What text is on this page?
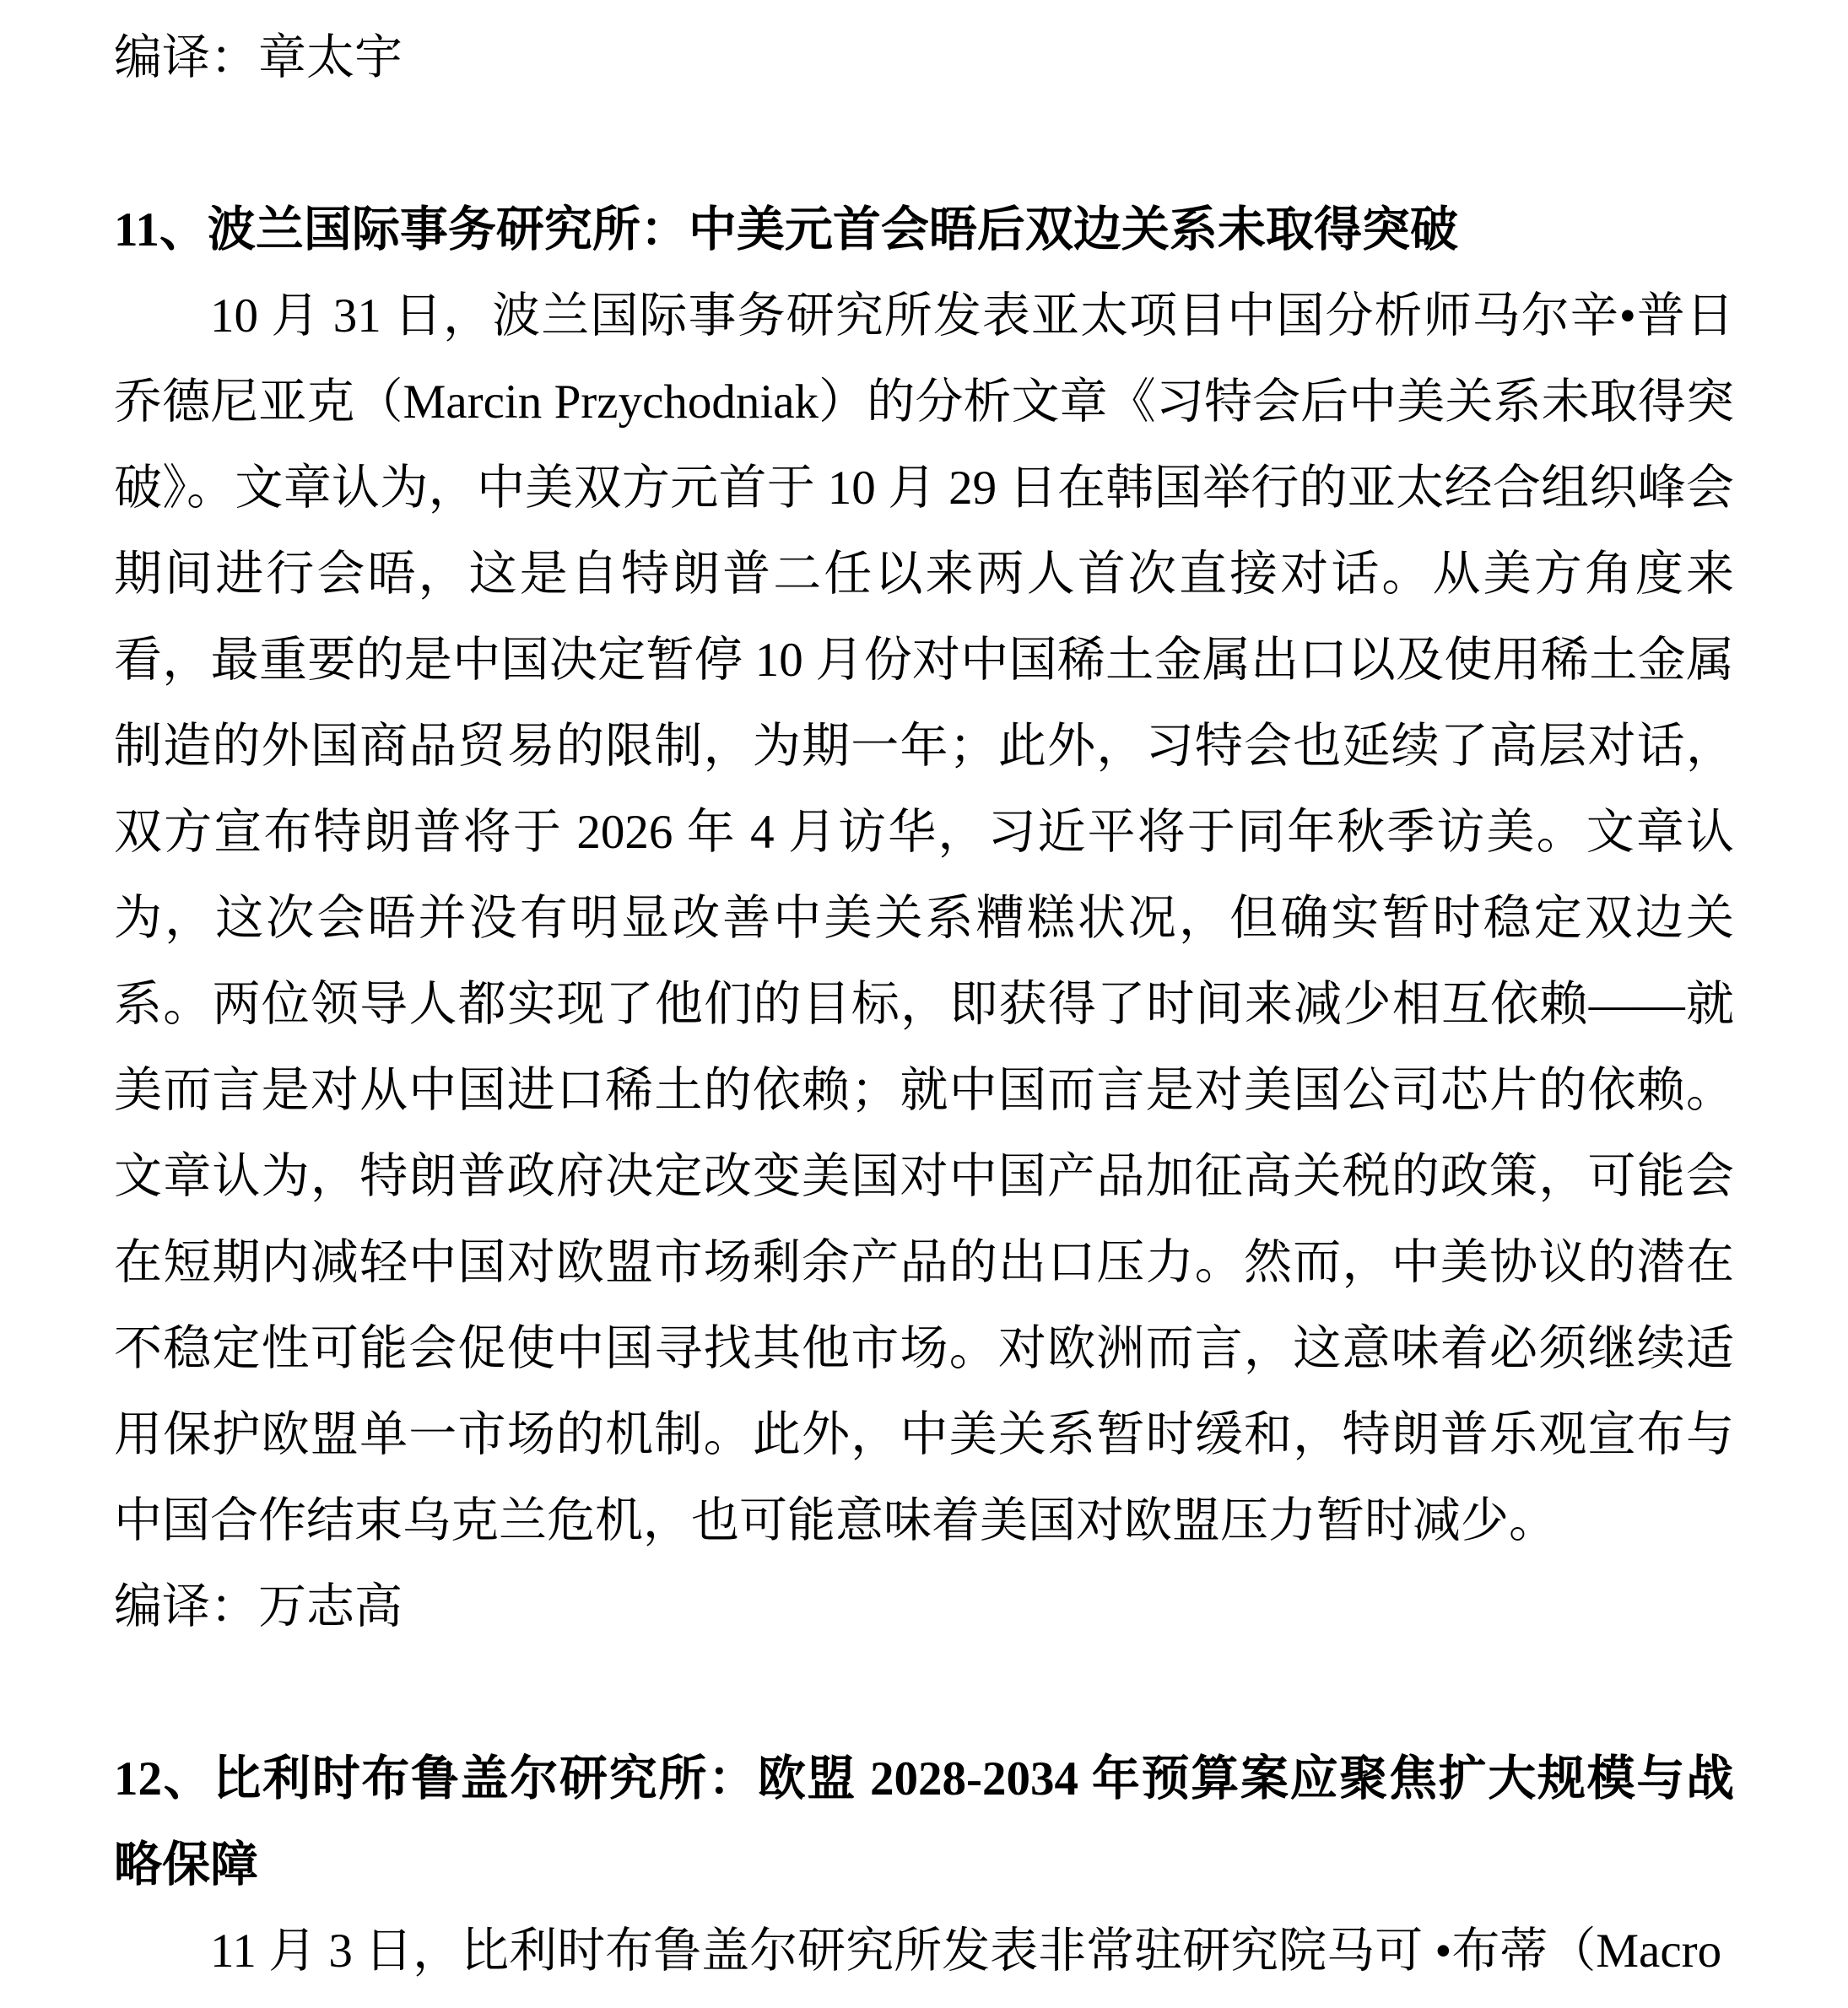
编译：章太宇

11、波兰国际事务研究所：中美元首会晤后双边关系未取得突破

10 月 31 日，波兰国际事务研究所发表亚太项目中国分析师马尔辛•普日乔德尼亚克（Marcin Przychodniak）的分析文章《习特会后中美关系未取得突破》。文章认为，中美双方元首于 10 月 29 日在韩国举行的亚太经合组织峰会期间进行会晤，这是自特朗普二任以来两人首次直接对话。从美方角度来看，最重要的是中国决定暂停 10 月份对中国稀土金属出口以及使用稀土金属制造的外国商品贸易的限制，为期一年；此外，习特会也延续了高层对话，双方宣布特朗普将于 2026 年 4 月访华，习近平将于同年秋季访美。文章认为，这次会晤并没有明显改善中美关系糟糕状况，但确实暂时稳定双边关系。两位领导人都实现了他们的目标，即获得了时间来减少相互依赖——就美而言是对从中国进口稀土的依赖；就中国而言是对美国公司芯片的依赖。文章认为，特朗普政府决定改变美国对中国产品加征高关税的政策，可能会在短期内减轻中国对欧盟市场剩余产品的出口压力。然而，中美协议的潜在不稳定性可能会促使中国寻找其他市场。对欧洲而言，这意味着必须继续适用保护欧盟单一市场的机制。此外，中美关系暂时缓和，特朗普乐观宣布与中国合作结束乌克兰危机，也可能意味着美国对欧盟压力暂时减少。

编译：万志高

12、比利时布鲁盖尔研究所：欧盟 2028-2034 年预算案应聚焦扩大规模与战略保障

11 月 3 日，比利时布鲁盖尔研究所发表非常驻研究院马可 •布蒂（Macro
